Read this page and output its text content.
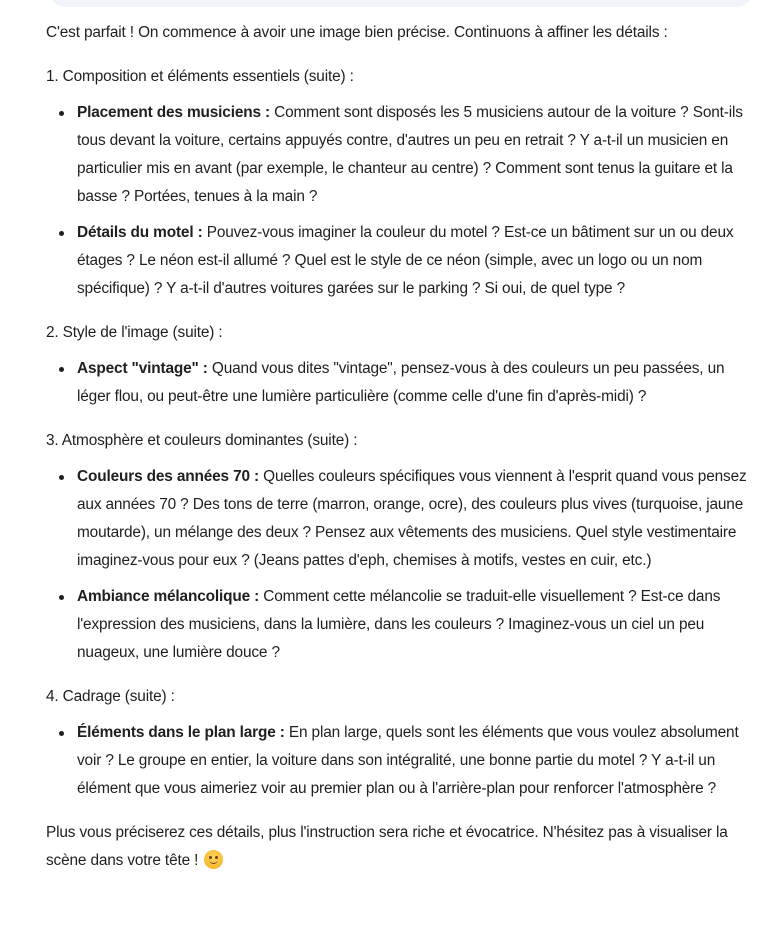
C'est parfait ! On commence à avoir une image bien précise. Continuons à affiner les détails :

1. Composition et éléments essentiels (suite) :

Placement des musiciens : Comment sont disposés les 5 musiciens autour de la voiture ? Sont-ils tous devant la voiture, certains appuyés contre, d'autres un peu en retrait ? Y a-t-il un musicien en particulier mis en avant (par exemple, le chanteur au centre) ? Comment sont tenus la guitare et la basse ? Portées, tenues à la main ?
Détails du motel : Pouvez-vous imaginer la couleur du motel ? Est-ce un bâtiment sur un ou deux étages ? Le néon est-il allumé ? Quel est le style de ce néon (simple, avec un logo ou un nom spécifique) ? Y a-t-il d'autres voitures garées sur le parking ? Si oui, de quel type ?

2. Style de l'image (suite) :

Aspect "vintage" : Quand vous dites "vintage", pensez-vous à des couleurs un peu passées, un léger flou, ou peut-être une lumière particulière (comme celle d'une fin d'après-midi) ?

3. Atmosphère et couleurs dominantes (suite) :

Couleurs des années 70 : Quelles couleurs spécifiques vous viennent à l'esprit quand vous pensez aux années 70 ? Des tons de terre (marron, orange, ocre), des couleurs plus vives (turquoise, jaune moutarde), un mélange des deux ? Pensez aux vêtements des musiciens. Quel style vestimentaire imaginez-vous pour eux ? (Jeans pattes d'eph, chemises à motifs, vestes en cuir, etc.)
Ambiance mélancolique : Comment cette mélancolie se traduit-elle visuellement ? Est-ce dans l'expression des musiciens, dans la lumière, dans les couleurs ? Imaginez-vous un ciel un peu nuageux, une lumière douce ?

4. Cadrage (suite) :

Éléments dans le plan large : En plan large, quels sont les éléments que vous voulez absolument voir ? Le groupe en entier, la voiture dans son intégralité, une bonne partie du motel ? Y a-t-il un élément que vous aimeriez voir au premier plan ou à l'arrière-plan pour renforcer l'atmosphère ?

Plus vous préciserez ces détails, plus l'instruction sera riche et évocatrice. N'hésitez pas à visualiser la scène dans votre tête !
